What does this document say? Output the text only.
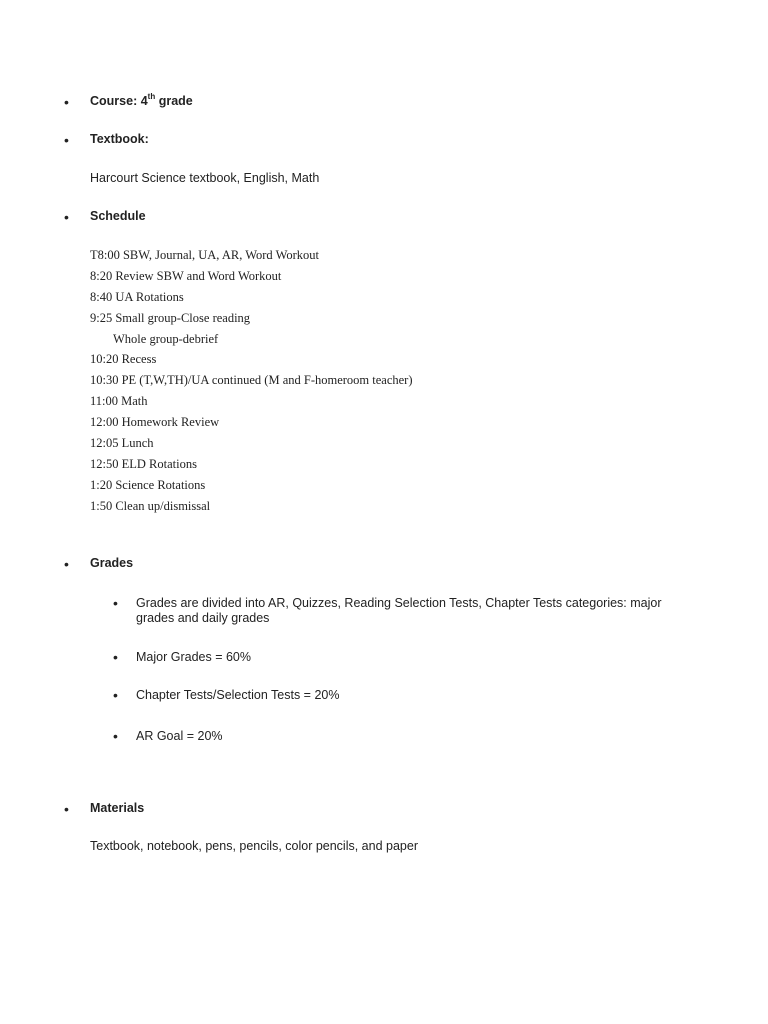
• Course: 4th grade
• Textbook:
Harcourt Science textbook, English, Math
• Schedule
T8:00 SBW, Journal, UA, AR, Word Workout
8:20 Review SBW and Word Workout
8:40 UA Rotations
9:25 Small group-Close reading
Whole group-debrief
10:20 Recess
10:30 PE (T,W,TH)/UA continued (M and F-homeroom teacher)
11:00 Math
12:00 Homework Review
12:05 Lunch
12:50 ELD Rotations
1:20 Science Rotations
1:50 Clean up/dismissal
• Grades
• Grades are divided into AR, Quizzes, Reading Selection Tests, Chapter Tests categories: major grades and daily grades
• Major Grades = 60%
• Chapter Tests/Selection Tests = 20%
• AR Goal = 20%
• Materials
Textbook, notebook, pens, pencils, color pencils, and paper
